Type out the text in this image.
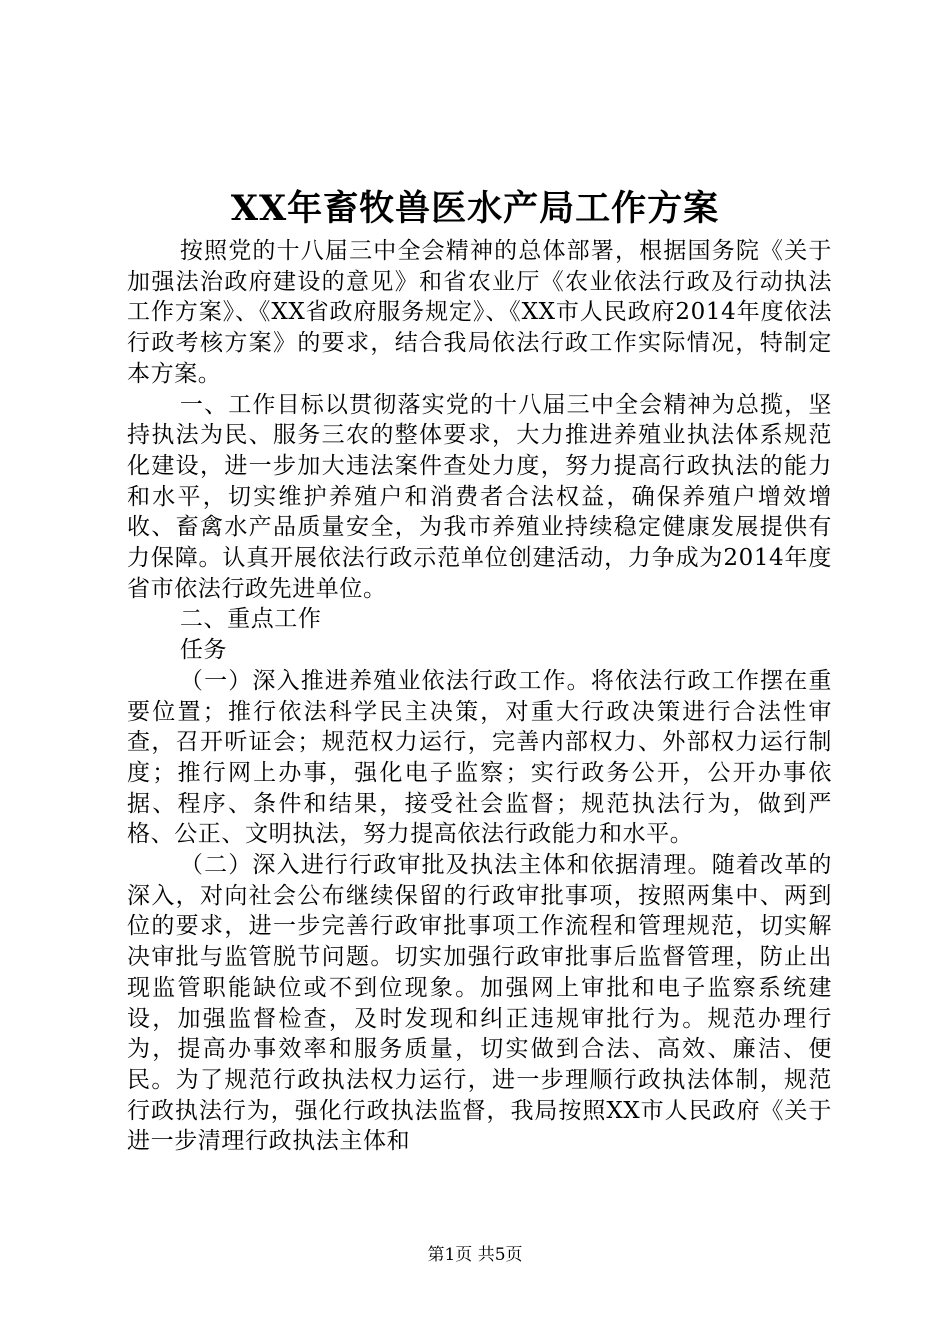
XX年畜牧兽医水产局工作方案

按照党的十八届三中全会精神的总体部署，根据国务院《关于加强法治政府建设的意见》和省农业厅《农业依法行政及行动执法工作方案》、《XX省政府服务规定》、《XX市人民政府2014年度依法行政考核方案》的要求，结合我局依法行政工作实际情况，特制定本方案。

一、工作目标以贯彻落实党的十八届三中全会精神为总揽，坚持执法为民、服务三农的整体要求，大力推进养殖业执法体系规范化建设，进一步加大违法案件查处力度，努力提高行政执法的能力和水平，切实维护养殖户和消费者合法权益，确保养殖户增效增收、畜禽水产品质量安全，为我市养殖业持续稳定健康发展提供有力保障。认真开展依法行政示范单位创建活动，力争成为2014年度省市依法行政先进单位。

二、重点工作

任务

（一）深入推进养殖业依法行政工作。将依法行政工作摆在重要位置；推行依法科学民主决策，对重大行政决策进行合法性审查，召开听证会；规范权力运行，完善内部权力、外部权力运行制度；推行网上办事，强化电子监察；实行政务公开，公开办事依据、程序、条件和结果，接受社会监督；规范执法行为，做到严格、公正、文明执法，努力提高依法行政能力和水平。

（二）深入进行行政审批及执法主体和依据清理。随着改革的深入，对向社会公布继续保留的行政审批事项，按照两集中、两到位的要求，进一步完善行政审批事项工作流程和管理规范，切实解决审批与监管脱节问题。切实加强行政审批事后监督管理，防止出现监管职能缺位或不到位现象。加强网上审批和电子监察系统建设，加强监督检查，及时发现和纠正违规审批行为。规范办理行为，提高办事效率和服务质量，切实做到合法、高效、廉洁、便民。为了规范行政执法权力运行，进一步理顺行政执法体制，规范行政执法行为，强化行政执法监督，我局按照XX市人民政府《关于进一步清理行政执法主体和

第1页 共5页
